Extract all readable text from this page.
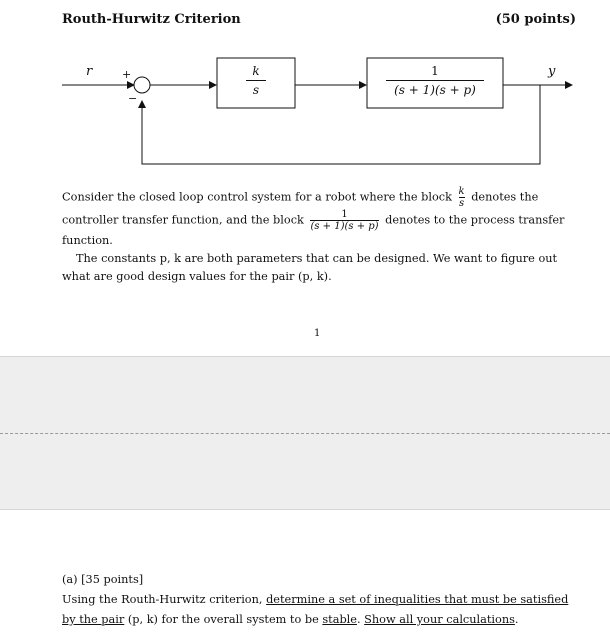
Routh-Hurwitz Criterion	(50 points)
r	y
+
−
k
s
1
(s + 1)(s + p)
Consider the closed loop control system for a robot where the block $\frac{k}{s}$ denotes the controller transfer function, and the block $\frac{1}{(s + 1)(s + p)}$ denotes to the process transfer function.
The constants p, k are both parameters that can be designed. We want to figure out what are good design values for the pair (p, k).
1
(a) [35 points]
Using the Routh-Hurwitz criterion, determine a set of inequalities that must be satisfied by the pair (p, k) for the overall system to be stable. Show all your calculations.
